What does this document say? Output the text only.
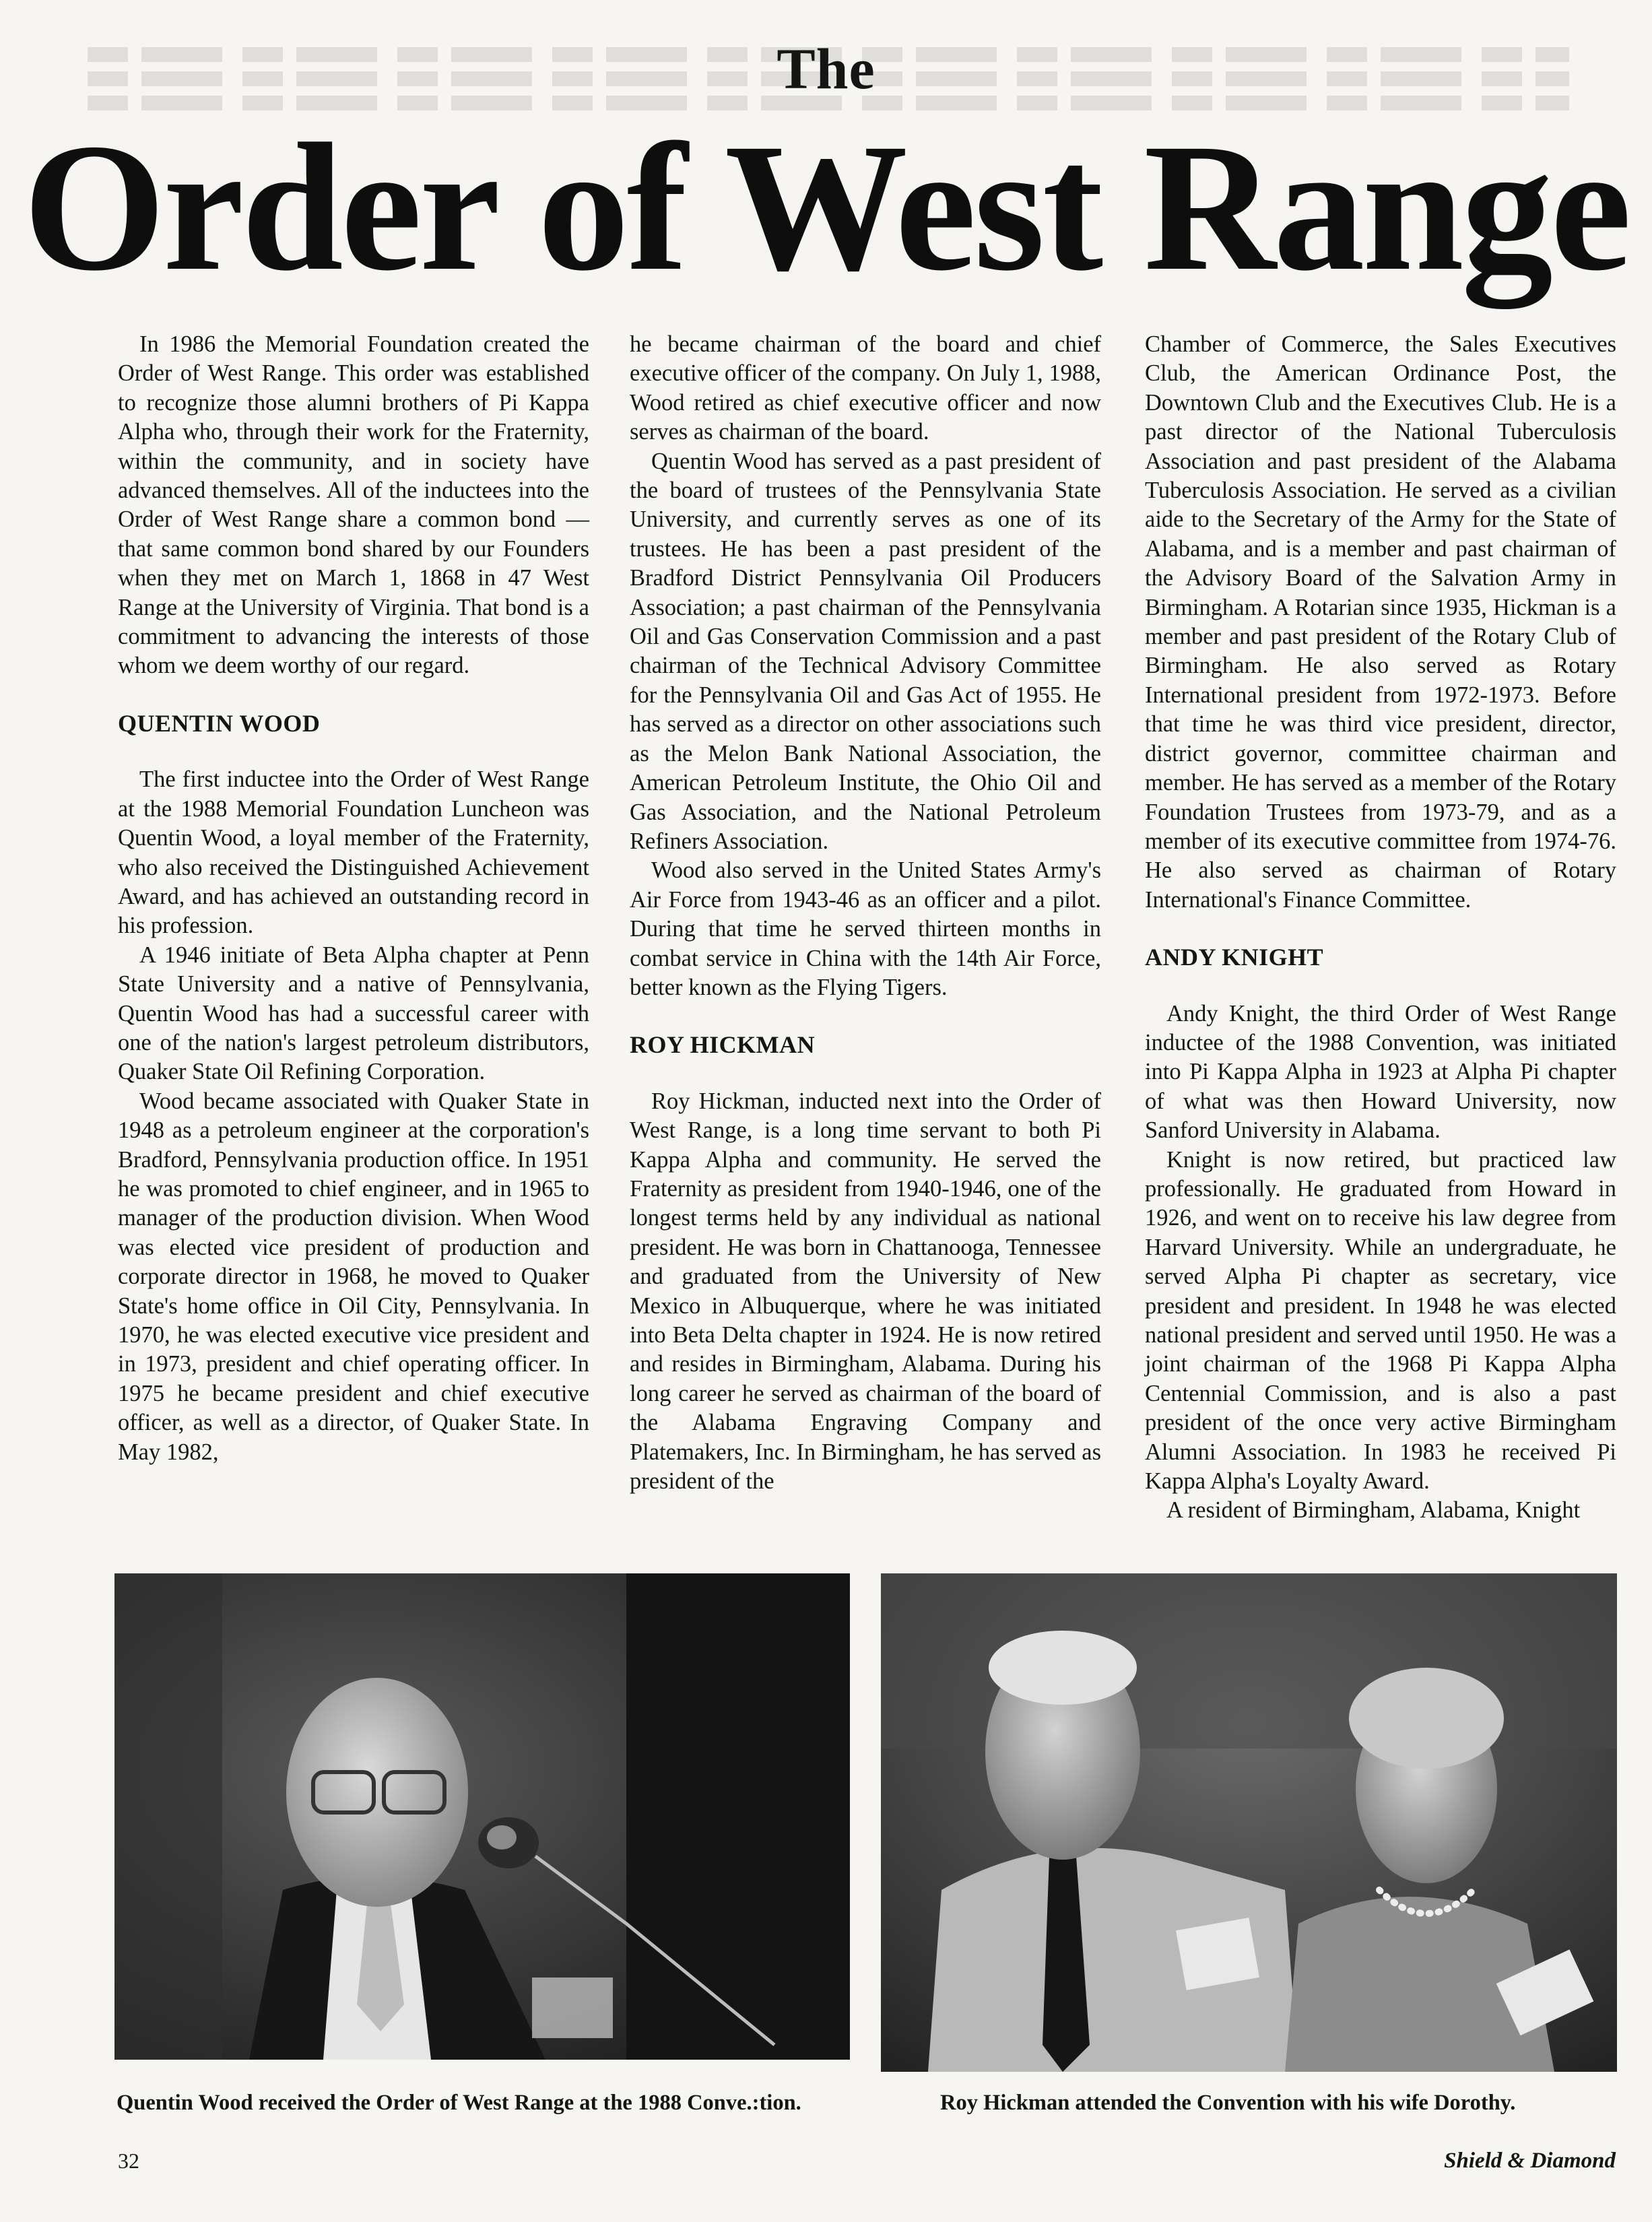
The
Order of West Range

In 1986 the Memorial Foundation created the Order of West Range. This order was established to recognize those alumni brothers of Pi Kappa Alpha who, through their work for the Fraternity, within the community, and in society have advanced themselves. All of the inductees into the Order of West Range share a common bond — that same common bond shared by our Founders when they met on March 1, 1868 in 47 West Range at the University of Virginia. That bond is a commitment to advancing the interests of those whom we deem worthy of our regard.

QUENTIN WOOD

The first inductee into the Order of West Range at the 1988 Memorial Foundation Luncheon was Quentin Wood, a loyal member of the Fraternity, who also received the Distinguished Achievement Award, and has achieved an outstanding record in his profession.

A 1946 initiate of Beta Alpha chapter at Penn State University and a native of Pennsylvania, Quentin Wood has had a successful career with one of the nation's largest petroleum distributors, Quaker State Oil Refining Corporation.

Wood became associated with Quaker State in 1948 as a petroleum engineer at the corporation's Bradford, Pennsylvania production office. In 1951 he was promoted to chief engineer, and in 1965 to manager of the production division. When Wood was elected vice president of production and corporate director in 1968, he moved to Quaker State's home office in Oil City, Pennsylvania. In 1970, he was elected executive vice president and in 1973, president and chief operating officer. In 1975 he became president and chief executive officer, as well as a director, of Quaker State. In May 1982,

he became chairman of the board and chief executive officer of the company. On July 1, 1988, Wood retired as chief executive officer and now serves as chairman of the board.

Quentin Wood has served as a past president of the board of trustees of the Pennsylvania State University, and currently serves as one of its trustees. He has been a past president of the Bradford District Pennsylvania Oil Producers Association; a past chairman of the Pennsylvania Oil and Gas Conservation Commission and a past chairman of the Technical Advisory Committee for the Pennsylvania Oil and Gas Act of 1955. He has served as a director on other associations such as the Melon Bank National Association, the American Petroleum Institute, the Ohio Oil and Gas Association, and the National Petroleum Refiners Association.

Wood also served in the United States Army's Air Force from 1943-46 as an officer and a pilot. During that time he served thirteen months in combat service in China with the 14th Air Force, better known as the Flying Tigers.

ROY HICKMAN

Roy Hickman, inducted next into the Order of West Range, is a long time servant to both Pi Kappa Alpha and community. He served the Fraternity as president from 1940-1946, one of the longest terms held by any individual as national president. He was born in Chattanooga, Tennessee and graduated from the University of New Mexico in Albuquerque, where he was initiated into Beta Delta chapter in 1924. He is now retired and resides in Birmingham, Alabama. During his long career he served as chairman of the board of the Alabama Engraving Company and Platemakers, Inc. In Birmingham, he has served as president of the

Chamber of Commerce, the Sales Executives Club, the American Ordinance Post, the Downtown Club and the Executives Club. He is a past director of the National Tuberculosis Association and past president of the Alabama Tuberculosis Association. He served as a civilian aide to the Secretary of the Army for the State of Alabama, and is a member and past chairman of the Advisory Board of the Salvation Army in Birmingham. A Rotarian since 1935, Hickman is a member and past president of the Rotary Club of Birmingham. He also served as Rotary International president from 1972-1973. Before that time he was third vice president, director, district governor, committee chairman and member. He has served as a member of the Rotary Foundation Trustees from 1973-79, and as a member of its executive committee from 1974-76. He also served as chairman of Rotary International's Finance Committee.

ANDY KNIGHT

Andy Knight, the third Order of West Range inductee of the 1988 Convention, was initiated into Pi Kappa Alpha in 1923 at Alpha Pi chapter of what was then Howard University, now Sanford University in Alabama.

Knight is now retired, but practiced law professionally. He graduated from Howard in 1926, and went on to receive his law degree from Harvard University. While an undergraduate, he served Alpha Pi chapter as secretary, vice president and president. In 1948 he was elected national president and served until 1950. He was a joint chairman of the 1968 Pi Kappa Alpha Centennial Commission, and is also a past president of the once very active Birmingham Alumni Association. In 1983 he received Pi Kappa Alpha's Loyalty Award.

A resident of Birmingham, Alabama, Knight

Quentin Wood received the Order of West Range at the 1988 Conve.:tion.	Roy Hickman attended the Convention with his wife Dorothy.
32	Shield & Diamond
